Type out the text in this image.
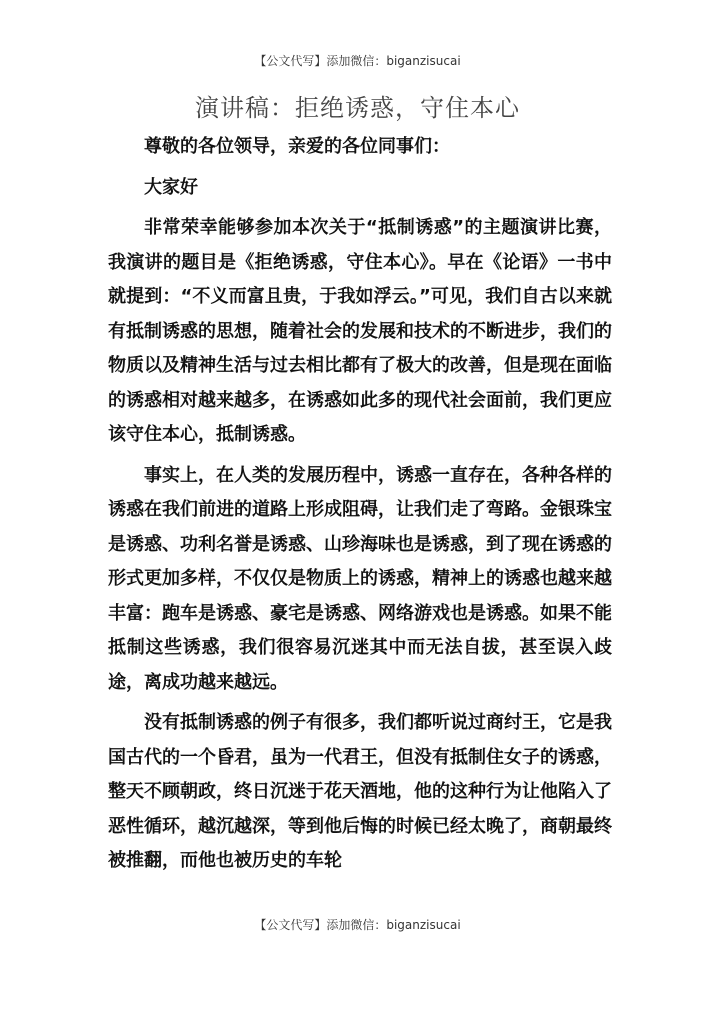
【公文代写】添加微信：biganzisucai
演讲稿：拒绝诱惑，守住本心

尊敬的各位领导，亲爱的各位同事们：

大家好

非常荣幸能够参加本次关于“抵制诱惑”的主题演讲比赛，我演讲的题目是《拒绝诱惑，守住本心》。早在《论语》一书中就提到：“不义而富且贵，于我如浮云。”可见，我们自古以来就有抵制诱惑的思想，随着社会的发展和技术的不断进步，我们的物质以及精神生活与过去相比都有了极大的改善，但是现在面临的诱惑相对越来越多，在诱惑如此多的现代社会面前，我们更应该守住本心，抵制诱惑。

事实上，在人类的发展历程中，诱惑一直存在，各种各样的诱惑在我们前进的道路上形成阻碍，让我们走了弯路。金银珠宝是诱惑、功利名誉是诱惑、山珍海味也是诱惑，到了现在诱惑的形式更加多样，不仅仅是物质上的诱惑，精神上的诱惑也越来越丰富：跑车是诱惑、豪宅是诱惑、网络游戏也是诱惑。如果不能抵制这些诱惑，我们很容易沉迷其中而无法自拔，甚至误入歧途，离成功越来越远。

没有抵制诱惑的例子有很多，我们都听说过商纣王，它是我国古代的一个昏君，虽为一代君王，但没有抵制住女子的诱惑，整天不顾朝政，终日沉迷于花天酒地，他的这种行为让他陷入了恶性循环，越沉越深，等到他后悔的时候已经太晚了，商朝最终被推翻，而他也被历史的车轮

【公文代写】添加微信：biganzisucai
